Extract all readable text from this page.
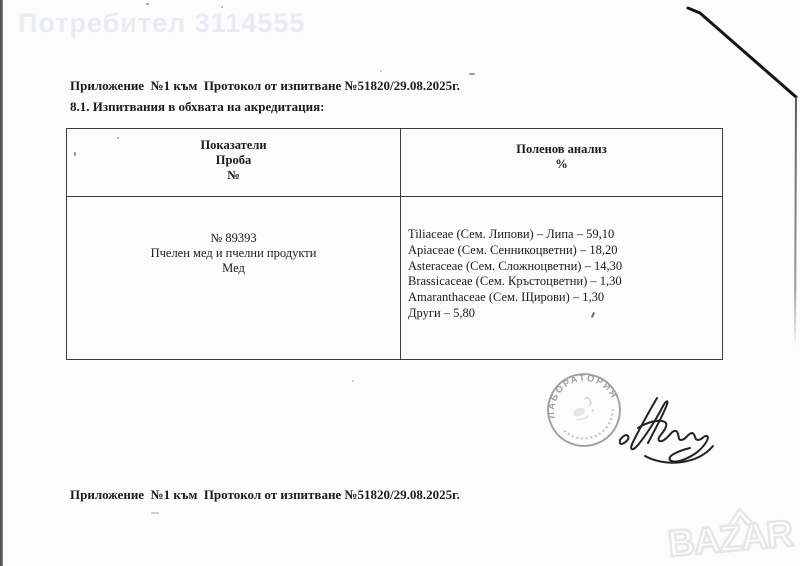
Потребител 3114555
Приложение  №1 към  Протокол от изпитване №51820/29.08.2025г.
8.1. Изпитвания в обхвата на акредитация:
Показатели
Проба
№
Поленов анализ
%
№ 89393
Пчелен мед и пчелни продукти
Мед
Tiliaceae (Сем. Липови) – Липа – 59,10
Apiaceae (Сем. Сенникоцветни) – 18,20
Asteraceae (Сем. Сложноцветни) – 14,30
Brassicaceae (Сем. Кръстоцветни) – 1,30
Amaranthaceae (Сем. Щирови) – 1,30
Други – 5,80
ЛАБОРАТОРИЯ
Приложение  №1 към  Протокол от изпитване №51820/29.08.2025г.
BAZAR
